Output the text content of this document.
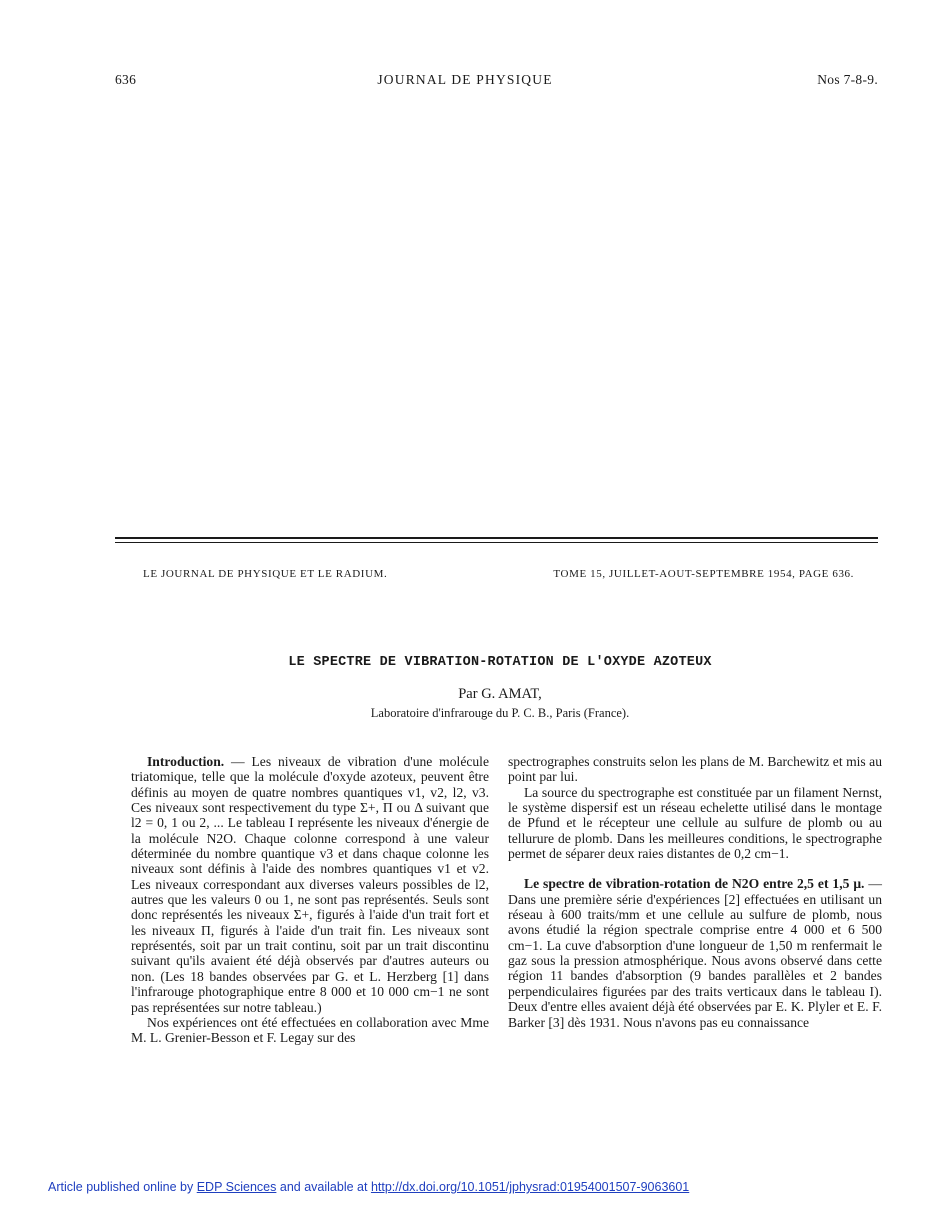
636	JOURNAL DE PHYSIQUE	Nos 7-8-9.
LE JOURNAL DE PHYSIQUE ET LE RADIUM.	TOME 15, JUILLET-AOUT-SEPTEMBRE 1954, PAGE 636.
LE SPECTRE DE VIBRATION-ROTATION DE L'OXYDE AZOTEUX
Par G. AMAT,
Laboratoire d'infrarouge du P. C. B., Paris (France).

Introduction. — Les niveaux de vibration d'une molécule triatomique, telle que la molécule d'oxyde azoteux, peuvent être définis au moyen de quatre nombres quantiques v1, v2, l2, v3. Ces niveaux sont respectivement du type Σ+, Π ou Δ suivant que l2 = 0, 1 ou 2, ... Le tableau I représente les niveaux d'énergie de la molécule N2O. Chaque colonne correspond à une valeur déterminée du nombre quantique v3 et dans chaque colonne les niveaux sont définis à l'aide des nombres quantiques v1 et v2. Les niveaux correspondant aux diverses valeurs possibles de l2, autres que les valeurs 0 ou 1, ne sont pas représentés. Seuls sont donc représentés les niveaux Σ+, figurés à l'aide d'un trait fort et les niveaux Π, figurés à l'aide d'un trait fin. Les niveaux sont représentés, soit par un trait continu, soit par un trait discontinu suivant qu'ils avaient été déjà observés par d'autres auteurs ou non. (Les 18 bandes observées par G. et L. Herzberg [1] dans l'infrarouge photographique entre 8 000 et 10 000 cm−1 ne sont pas représentées sur notre tableau.)

Nos expériences ont été effectuées en collaboration avec Mme M. L. Grenier-Besson et F. Legay sur des

spectrographes construits selon les plans de M. Barchewitz et mis au point par lui.

La source du spectrographe est constituée par un filament Nernst, le système dispersif est un réseau echelette utilisé dans le montage de Pfund et le récepteur une cellule au sulfure de plomb ou au tellurure de plomb. Dans les meilleures conditions, le spectrographe permet de séparer deux raies distantes de 0,2 cm−1.

Le spectre de vibration-rotation de N2O entre 2,5 et 1,5 μ. — Dans une première série d'expériences [2] effectuées en utilisant un réseau à 600 traits/mm et une cellule au sulfure de plomb, nous avons étudié la région spectrale comprise entre 4 000 et 6 500 cm−1. La cuve d'absorption d'une longueur de 1,50 m renfermait le gaz sous la pression atmosphérique. Nous avons observé dans cette région 11 bandes d'absorption (9 bandes parallèles et 2 bandes perpendiculaires figurées par des traits verticaux dans le tableau I). Deux d'entre elles avaient déjà été observées par E. K. Plyler et E. F. Barker [3] dès 1931. Nous n'avons pas eu connaissance

Article published online by EDP Sciences and available at http://dx.doi.org/10.1051/jphysrad:01954001507-9063601
